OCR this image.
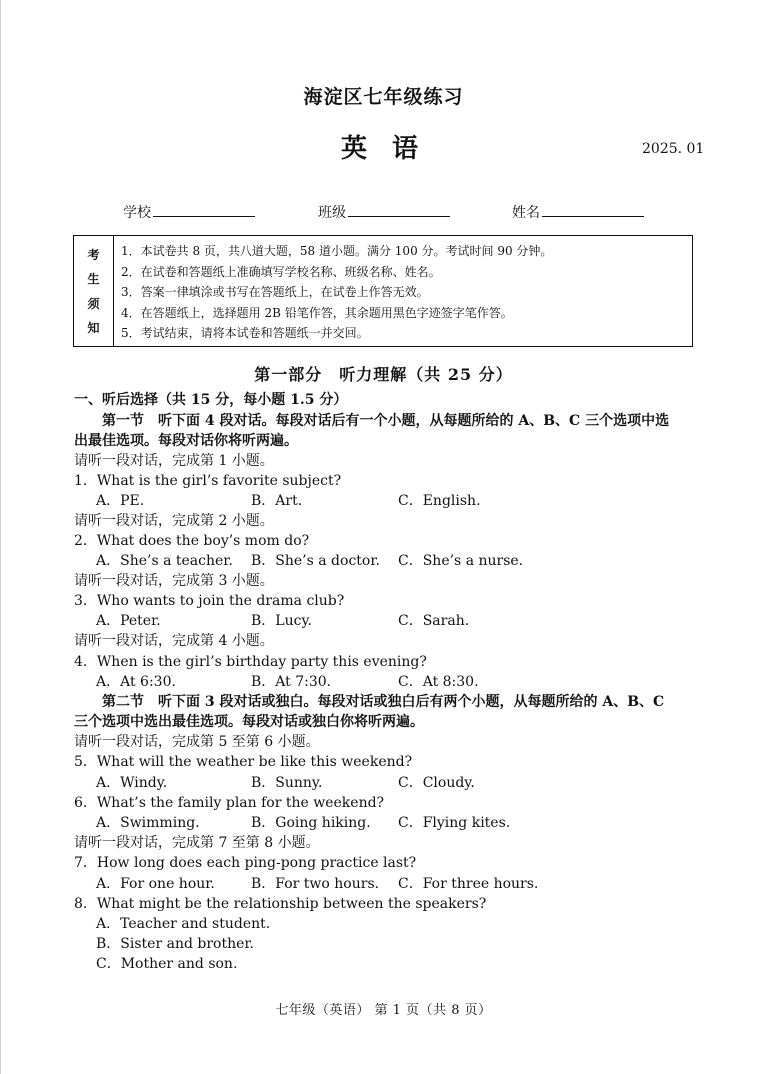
海淀区七年级练习
英 语	2025. 01
学校	班级	姓名
考
生
须
知
1．本试卷共 8 页，共八道大题，58 道小题。满分 100 分。考试时间 90 分钟。
2．在试卷和答题纸上准确填写学校名称、班级名称、姓名。
3．答案一律填涂或书写在答题纸上，在试卷上作答无效。
4．在答题纸上，选择题用 2B 铅笔作答，其余题用黑色字迹签字笔作答。
5．考试结束，请将本试卷和答题纸一并交回。
第一部分　听力理解（共 25 分）
一、听后选择（共 15 分，每小题 1.5 分）
第一节　听下面 4 段对话。每段对话后有一个小题，从每题所给的 A、B、C 三个选项中选
出最佳选项。每段对话你将听两遍。
请听一段对话，完成第 1 小题。
1．What is the girl’s favorite subject?
A．PE.	B．Art.	C．English.
请听一段对话，完成第 2 小题。
2．What does the boy’s mom do?
A．She’s a teacher. B．She’s a doctor. C．She’s a nurse.
请听一段对话，完成第 3 小题。
3．Who wants to join the drama club?
A．Peter.	B．Lucy.	C．Sarah.
请听一段对话，完成第 4 小题。
4．When is the girl’s birthday party this evening?
A．At 6:30.	B．At 7:30.	C．At 8:30.
第二节　听下面 3 段对话或独白。每段对话或独白后有两个小题，从每题所给的 A、B、C
三个选项中选出最佳选项。每段对话或独白你将听两遍。
请听一段对话，完成第 5 至第 6 小题。
5．What will the weather be like this weekend?
A．Windy.	B．Sunny.	C．Cloudy.
6．What’s the family plan for the weekend?
A．Swimming.	B．Going hiking. C．Flying kites.
请听一段对话，完成第 7 至第 8 小题。
7．How long does each ping-pong practice last?
A．For one hour.	B．For two hours. C．For three hours.
8．What might be the relationship between the speakers?
A．Teacher and student.
B．Sister and brother.
C．Mother and son.
七年级（英语） 第 1 页（共 8 页）
